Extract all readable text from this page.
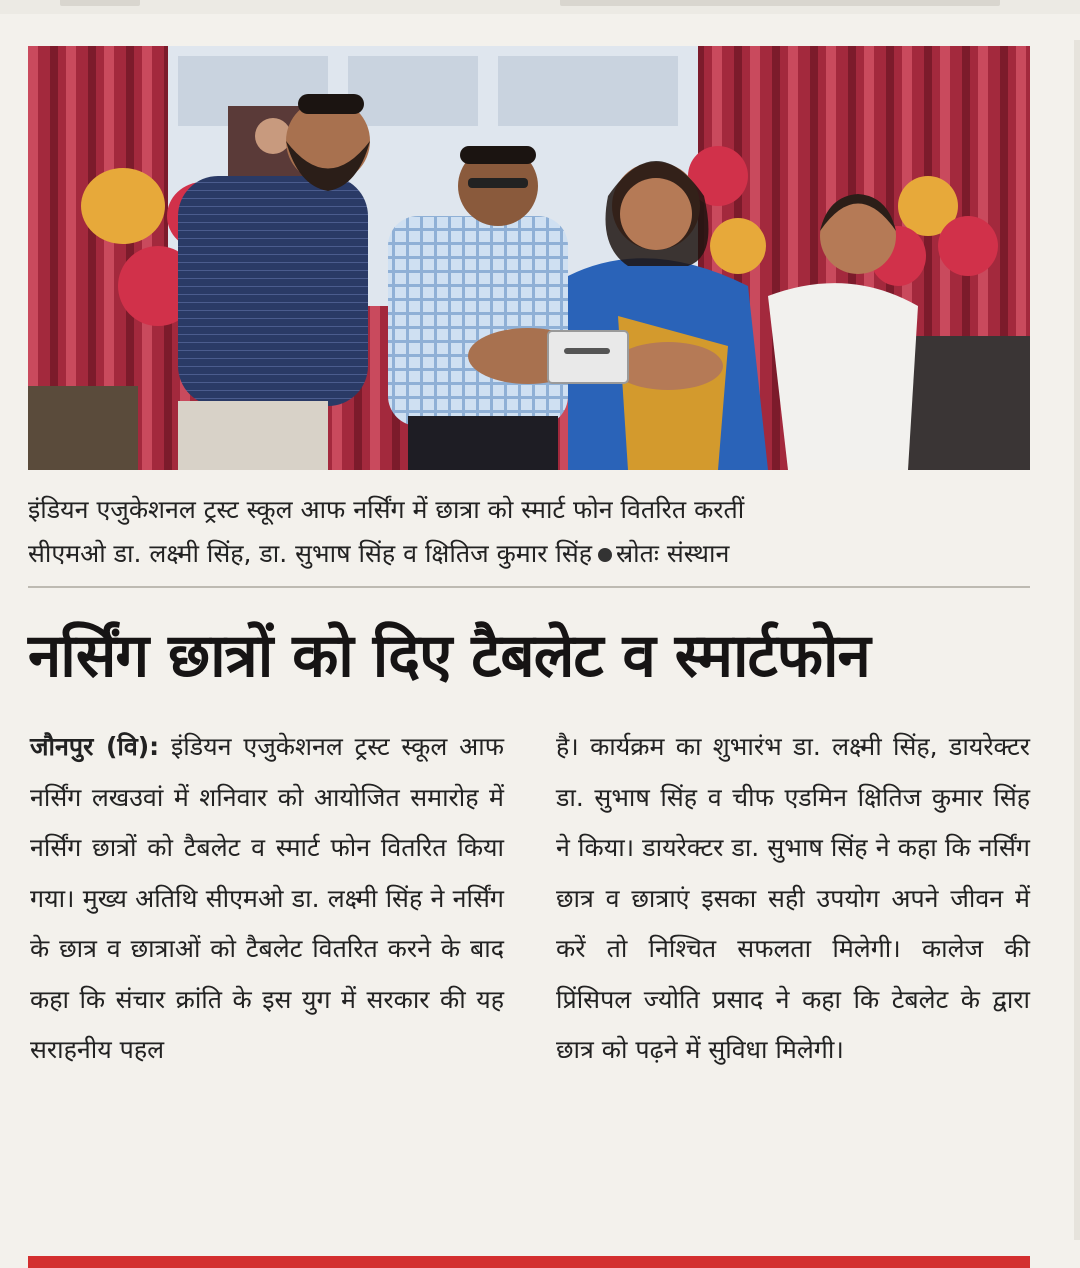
इंडियन एजुकेशनल ट्रस्ट स्कूल आफ नर्सिंग में छात्रा को स्मार्ट फोन वितरित करतीं
सीएमओ डा. लक्ष्मी सिंह, डा. सुभाष सिंह व क्षितिज कुमार सिंह स्रोतः संस्थान
नर्सिंग छात्रों को दिए टैबलेट व स्मार्टफोन
जौनपुर (वि): इंडियन एजुकेशनल ट्रस्ट स्कूल आफ नर्सिंग लखउवां में शनिवार को आयोजित समारोह में नर्सिंग छात्रों को टैबलेट व स्मार्ट फोन वितरित किया गया। मुख्य अतिथि सीएमओ डा. लक्ष्मी सिंह ने नर्सिंग के छात्र व छात्राओं को टैबलेट वितरित करने के बाद कहा कि संचार क्रांति के इस युग में सरकार की यह सराहनीय पहल
है। कार्यक्रम का शुभारंभ डा. लक्ष्मी सिंह, डायरेक्टर डा. सुभाष सिंह व चीफ एडमिन क्षितिज कुमार सिंह ने किया। डायरेक्टर डा. सुभाष सिंह ने कहा कि नर्सिंग छात्र व छात्राएं इसका सही उपयोग अपने जीवन में करें तो निश्चित सफलता मिलेगी। कालेज की प्रिंसिपल ज्योति प्रसाद ने कहा कि टेबलेट के द्वारा छात्र को पढ़ने में सुविधा मिलेगी।
